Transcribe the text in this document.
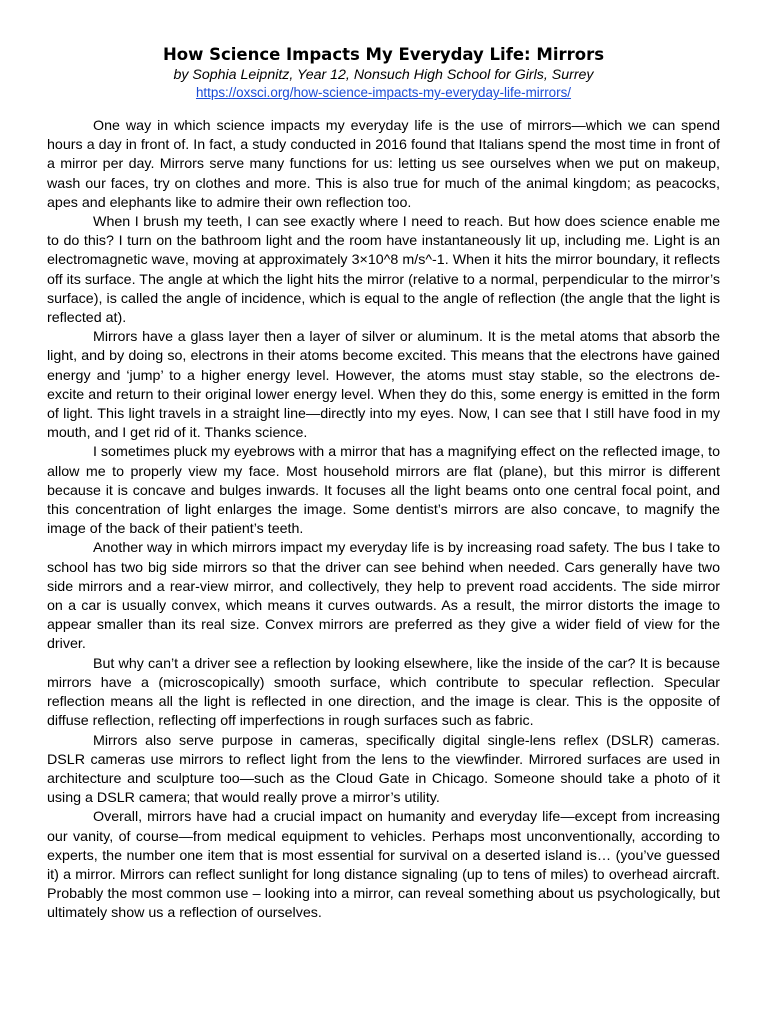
How Science Impacts My Everyday Life: Mirrors

by Sophia Leipnitz, Year 12, Nonsuch High School for Girls, Surrey

https://oxsci.org/how-science-impacts-my-everyday-life-mirrors/

One way in which science impacts my everyday life is the use of mirrors—which we can spend hours a day in front of. In fact, a study conducted in 2016 found that Italians spend the most time in front of a mirror per day. Mirrors serve many functions for us: letting us see ourselves when we put on makeup, wash our faces, try on clothes and more. This is also true for much of the animal kingdom; as peacocks, apes and elephants like to admire their own reflection too.

When I brush my teeth, I can see exactly where I need to reach. But how does science enable me to do this? I turn on the bathroom light and the room have instantaneously lit up, including me. Light is an electromagnetic wave, moving at approximately 3×10^8 m/s^-1. When it hits the mirror boundary, it reflects off its surface. The angle at which the light hits the mirror (relative to a normal, perpendicular to the mirror’s surface), is called the angle of incidence, which is equal to the angle of reflection (the angle that the light is reflected at).

Mirrors have a glass layer then a layer of silver or aluminum. It is the metal atoms that absorb the light, and by doing so, electrons in their atoms become excited. This means that the electrons have gained energy and ‘jump’ to a higher energy level. However, the atoms must stay stable, so the electrons de-excite and return to their original lower energy level. When they do this, some energy is emitted in the form of light. This light travels in a straight line—directly into my eyes. Now, I can see that I still have food in my mouth, and I get rid of it. Thanks science.

I sometimes pluck my eyebrows with a mirror that has a magnifying effect on the reflected image, to allow me to properly view my face. Most household mirrors are flat (plane), but this mirror is different because it is concave and bulges inwards. It focuses all the light beams onto one central focal point, and this concentration of light enlarges the image. Some dentist’s mirrors are also concave, to magnify the image of the back of their patient’s teeth.

Another way in which mirrors impact my everyday life is by increasing road safety. The bus I take to school has two big side mirrors so that the driver can see behind when needed. Cars generally have two side mirrors and a rear-view mirror, and collectively, they help to prevent road accidents. The side mirror on a car is usually convex, which means it curves outwards. As a result, the mirror distorts the image to appear smaller than its real size. Convex mirrors are preferred as they give a wider field of view for the driver.

But why can’t a driver see a reflection by looking elsewhere, like the inside of the car? It is because mirrors have a (microscopically) smooth surface, which contribute to specular reflection. Specular reflection means all the light is reflected in one direction, and the image is clear. This is the opposite of diffuse reflection, reflecting off imperfections in rough surfaces such as fabric.

Mirrors also serve purpose in cameras, specifically digital single-lens reflex (DSLR) cameras. DSLR cameras use mirrors to reflect light from the lens to the viewfinder. Mirrored surfaces are used in architecture and sculpture too—such as the Cloud Gate in Chicago. Someone should take a photo of it using a DSLR camera; that would really prove a mirror’s utility.

Overall, mirrors have had a crucial impact on humanity and everyday life—except from increasing our vanity, of course—from medical equipment to vehicles. Perhaps most unconventionally, according to experts, the number one item that is most essential for survival on a deserted island is… (you’ve guessed it) a mirror. Mirrors can reflect sunlight for long distance signaling (up to tens of miles) to overhead aircraft. Probably the most common use – looking into a mirror, can reveal something about us psychologically, but ultimately show us a reflection of ourselves.
